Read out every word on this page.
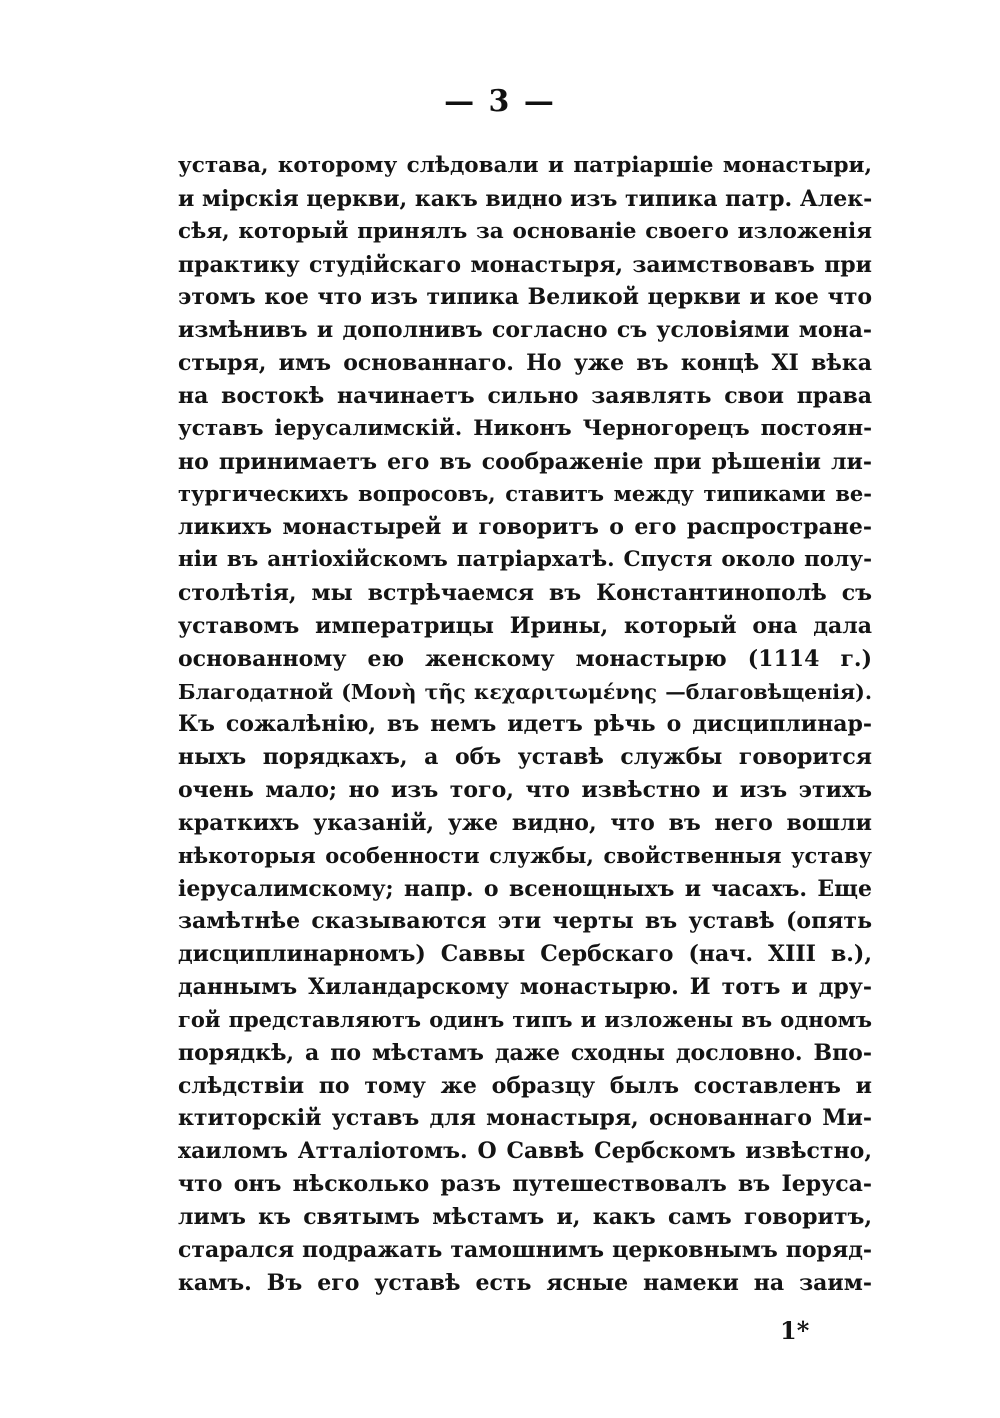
— 3 —
устава, которому слѣдовали и патріаршіе монастыри,
и мірскія церкви, какъ видно изъ типика патр. Алек-
сѣя, который принялъ за основаніе своего изложенія
практику студійскаго монастыря, заимствовавъ при
этомъ кое что изъ типика Великой церкви и кое что
измѣнивъ и дополнивъ согласно съ условіями мона-
стыря, имъ основаннаго. Но уже въ концѣ XI вѣка
на востокѣ начинаетъ сильно заявлять свои права
уставъ іерусалимскій. Никонъ Черногорецъ постоян-
но принимаетъ его въ соображеніе при рѣшеніи ли-
тургическихъ вопросовъ, ставитъ между типиками ве-
ликихъ монастырей и говоритъ о его распростране-
ніи въ антіохійскомъ патріархатѣ. Спустя около полу-
столѣтія, мы встрѣчаемся въ Константинополѣ съ
уставомъ императрицы Ирины, который она дала
основанному ею женскому монастырю (1114 г.)
Благодатной (Μονὴ τῆς κεχαριτωμένης —благовѣщенія).
Къ сожалѣнію, въ немъ идетъ рѣчь о дисциплинар-
ныхъ порядкахъ, а объ уставѣ службы говорится
очень мало; но изъ того, что извѣстно и изъ этихъ
краткихъ указаній, уже видно, что въ него вошли
нѣкоторыя особенности службы, свойственныя уставу
іерусалимскому; напр. о всенощныхъ и часахъ. Еще
замѣтнѣе сказываются эти черты въ уставѣ (опять
дисциплинарномъ) Саввы Сербскаго (нач. XIII в.),
даннымъ Хиландарскому монастырю. И тотъ и дру-
гой представляютъ одинъ типъ и изложены въ одномъ
порядкѣ, а по мѣстамъ даже сходны дословно. Впо-
слѣдствіи по тому же образцу былъ составленъ и
ктиторскій уставъ для монастыря, основаннаго Ми-
хаиломъ Атталіотомъ. О Саввѣ Сербскомъ извѣстно,
что онъ нѣсколько разъ путешествовалъ въ Іеруса-
лимъ къ святымъ мѣстамъ и, какъ самъ говоритъ,
старался подражать тамошнимъ церковнымъ поряд-
камъ. Въ его уставѣ есть ясные намеки на заим-
1*
